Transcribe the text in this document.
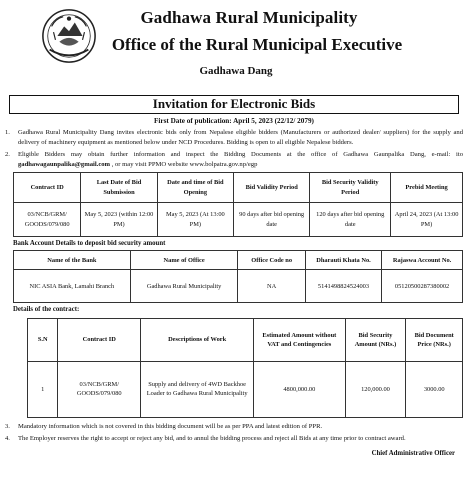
Gadhawa Rural Municipality
Office of the Rural Municipal Executive
Gadhawa Dang
Invitation for Electronic Bids
First Date of publication: April 5, 2023 (22/12/ 2079)
1.	Gadhawa Rural Municipality Dang invites electronic bids only from Nepalese eligible bidders (Manufacturers or authorized dealer/ suppliers) for the supply and delivery of machinery equipment as mentioned below under NCD Procedures. Bidding is open to all eligible Nepalese bidders.
2.	Eligible Bidders may obtain further information and inspect the Bidding Documents at the office of Gadhawa Gaunpalika Dang, e-mail: ito gadhawagaunpalika@gmail.com , or may visit PPMO website www.bolpatra.gov.np/egp
Contract ID	Last Date of Bid Submission	Date and time of Bid Opening	Bid Validity Period	Bid Security Validity Period	Prebid Meeting
03/NCB/GRM/ GOODS/079/080	May 5, 2023 (within 12:00 PM)	May 5, 2023 (At 13:00 PM)	90 days after bid opening date	120 days after bid opening date	April 24, 2023 (At 13:00 PM)
Bank Account Details to deposit bid security amount
Name of the Bank	Name of Office	Office Code no	Dharauti Khata No.	Rajaswa Account No.
NIC ASIA Bank, Lamahi Branch	Gadhawa Rural Municipality	NA	5141498824524003	05120500287380002
Details of the contract:
S.N	Contract ID	Descriptions of Work	Estimated Amount without VAT and Contingencies	Bid Security Amount (NRs.)	Bid Document Price (NRs.)
1	03/NCB/GRM/ GOODS/079/080	Supply and delivery of 4WD Backhoe Loader to Gadhawa Rural Municipality	4800,000.00	120,000.00	3000.00
3.	Mandatory information which is not covered in this bidding document will be as per PPA and latest edition of PPR.
4.	The Employer reserves the right to accept or reject any bid, and to annul the bidding process and reject all Bids at any time prior to contract award.
Chief Administrative Officer
